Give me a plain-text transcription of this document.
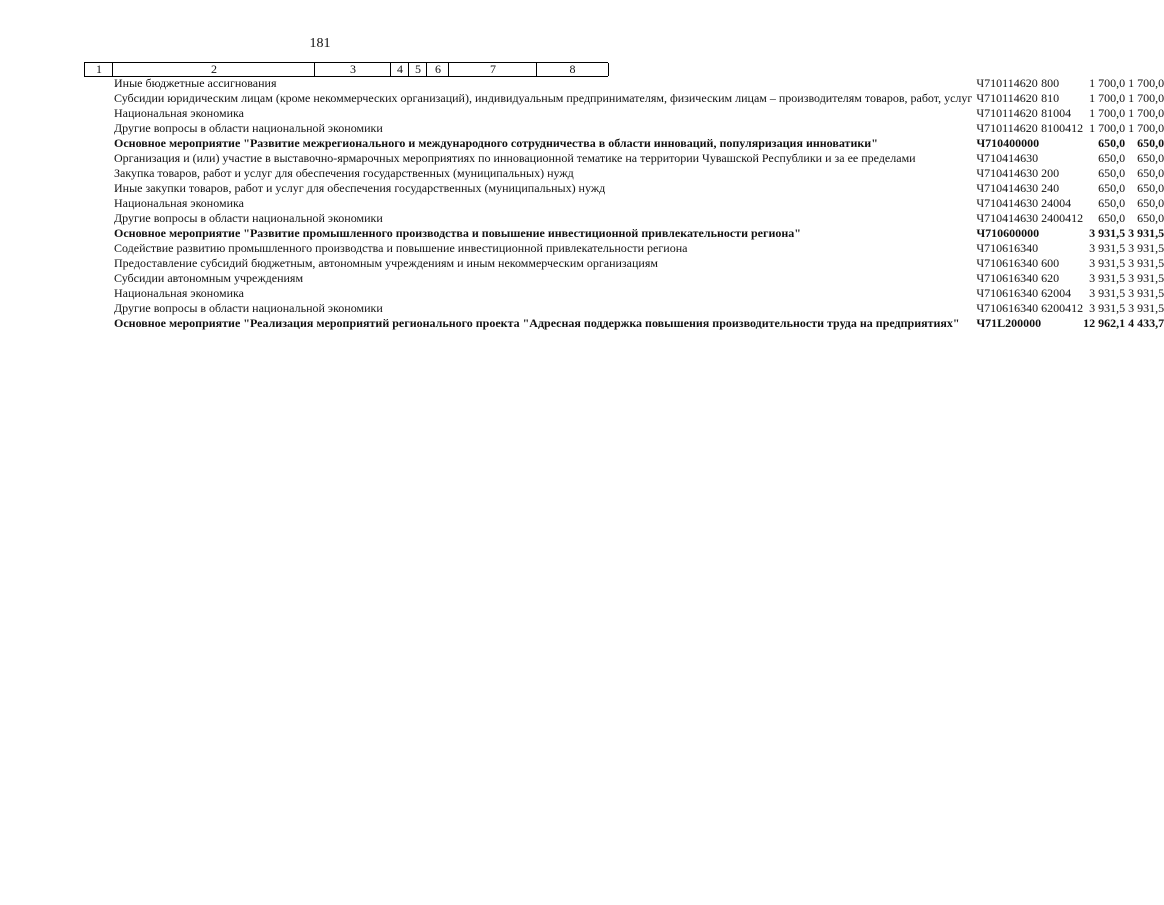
181
1	2	3	4	5	6	7	8
Иные бюджетные ассигнования	Ч710114620	800			1 700,0	1 700,0
Субсидии юридическим лицам (кроме некоммерческих организаций), индивидуальным предпринимателям, физическим лицам – производителям товаров, работ, услуг	Ч710114620	810			1 700,0	1 700,0
Национальная экономика	Ч710114620	810	04		1 700,0	1 700,0
Другие вопросы в области национальной экономики	Ч710114620	810	04	12	1 700,0	1 700,0
Основное мероприятие "Развитие межрегионального и международного сотрудничества в области инноваций, популяризация инноватики"	Ч710400000				650,0	650,0
Организация и (или) участие в выставочно-ярмарочных мероприятиях по инновационной тематике на территории Чувашской Республики и за ее пределами	Ч710414630				650,0	650,0
Закупка товаров, работ и услуг для обеспечения государственных (муниципальных) нужд	Ч710414630	200			650,0	650,0
Иные закупки товаров, работ и услуг для обеспечения государственных (муниципальных) нужд	Ч710414630	240			650,0	650,0
Национальная экономика	Ч710414630	240	04		650,0	650,0
Другие вопросы в области национальной экономики	Ч710414630	240	04	12	650,0	650,0
Основное мероприятие "Развитие промышленного производства и повышение инвестиционной привлекательности региона"	Ч710600000				3 931,5	3 931,5
Содействие развитию промышленного производства и повышение инвестиционной привлекательности региона	Ч710616340				3 931,5	3 931,5
Предоставление субсидий бюджетным, автономным учреждениям и иным некоммерческим организациям	Ч710616340	600			3 931,5	3 931,5
Субсидии автономным учреждениям	Ч710616340	620			3 931,5	3 931,5
Национальная экономика	Ч710616340	620	04		3 931,5	3 931,5
Другие вопросы в области национальной экономики	Ч710616340	620	04	12	3 931,5	3 931,5
Основное мероприятие "Реализация мероприятий регионального проекта "Адресная поддержка повышения производительности труда на предприятиях"	Ч71L200000				12 962,1	4 433,7
